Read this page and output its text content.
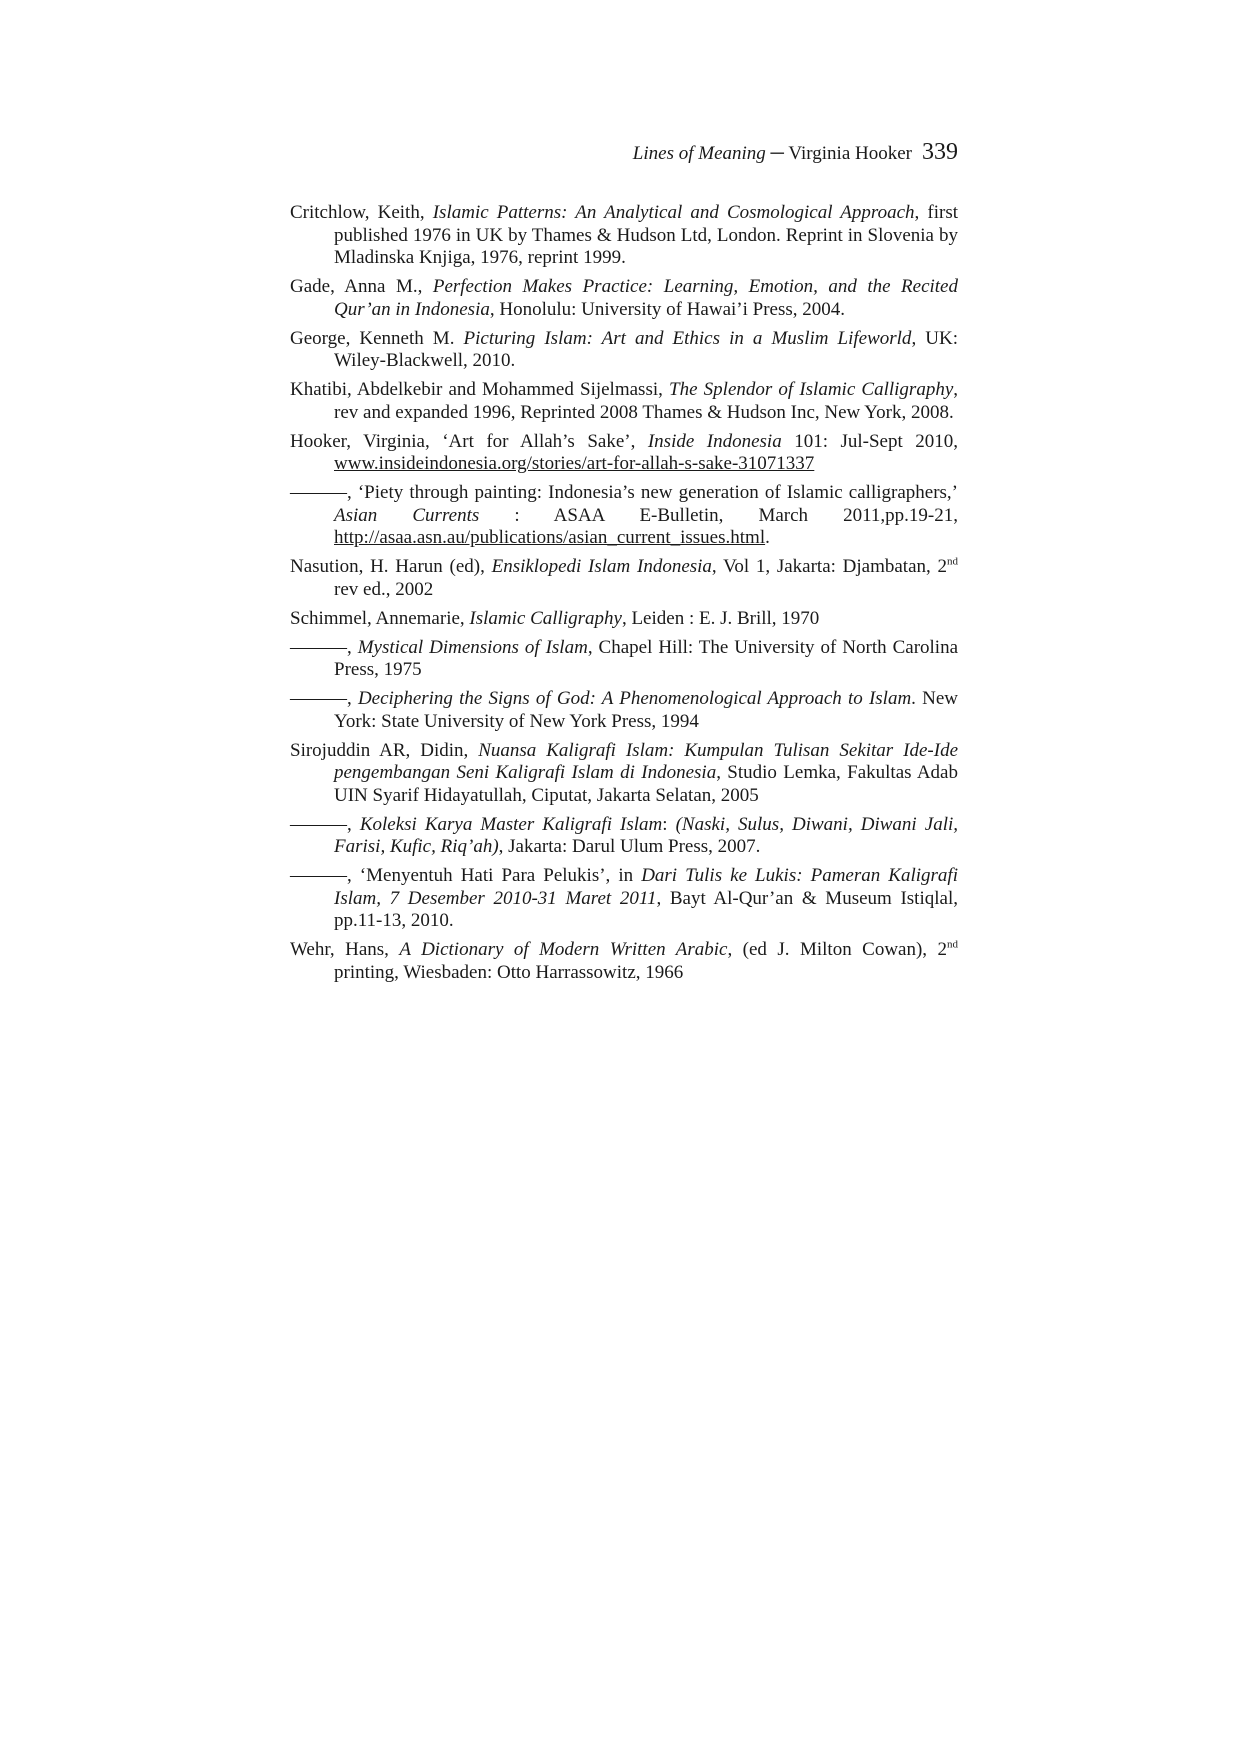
Lines of Meaning ─ Virginia Hooker 339

Critchlow, Keith, Islamic Patterns: An Analytical and Cosmological Approach, first published 1976 in UK by Thames & Hudson Ltd, London. Reprint in Slovenia by Mladinska Knjiga, 1976, reprint 1999.

Gade, Anna M., Perfection Makes Practice: Learning, Emotion, and the Recited Qur’an in Indonesia, Honolulu: University of Hawai’i Press, 2004.

George, Kenneth M. Picturing Islam: Art and Ethics in a Muslim Lifeworld, UK: Wiley-Blackwell, 2010.

Khatibi, Abdelkebir and Mohammed Sijelmassi, The Splendor of Islamic Calligraphy, rev and expanded 1996, Reprinted 2008 Thames & Hudson Inc, New York, 2008.

Hooker, Virginia, ‘Art for Allah’s Sake’, Inside Indonesia 101: Jul-Sept 2010, www.insideindonesia.org/stories/art-for-allah-s-sake-31071337

———, ‘Piety through painting: Indonesia’s new generation of Islamic calligraphers,’ Asian Currents : ASAA E-Bulletin, March 2011,pp.19-21, http://asaa.asn.au/publications/asian_current_issues.html.

Nasution, H. Harun (ed), Ensiklopedi Islam Indonesia, Vol 1, Jakarta: Djambatan, 2nd rev ed., 2002

Schimmel, Annemarie, Islamic Calligraphy, Leiden : E. J. Brill, 1970

———, Mystical Dimensions of Islam, Chapel Hill: The University of North Carolina Press, 1975

———, Deciphering the Signs of God: A Phenomenological Approach to Islam. New York: State University of New York Press, 1994

Sirojuddin AR, Didin, Nuansa Kaligrafi Islam: Kumpulan Tulisan Sekitar Ide-Ide pengembangan Seni Kaligrafi Islam di Indonesia, Studio Lemka, Fakultas Adab UIN Syarif Hidayatullah, Ciputat, Jakarta Selatan, 2005

———, Koleksi Karya Master Kaligrafi Islam: (Naski, Sulus, Diwani, Diwani Jali, Farisi, Kufic, Riq’ah), Jakarta: Darul Ulum Press, 2007.

———, ‘Menyentuh Hati Para Pelukis’, in Dari Tulis ke Lukis: Pameran Kaligrafi Islam, 7 Desember 2010-31 Maret 2011, Bayt Al-Qur’an & Museum Istiqlal, pp.11-13, 2010.

Wehr, Hans, A Dictionary of Modern Written Arabic, (ed J. Milton Cowan), 2nd printing, Wiesbaden: Otto Harrassowitz, 1966
